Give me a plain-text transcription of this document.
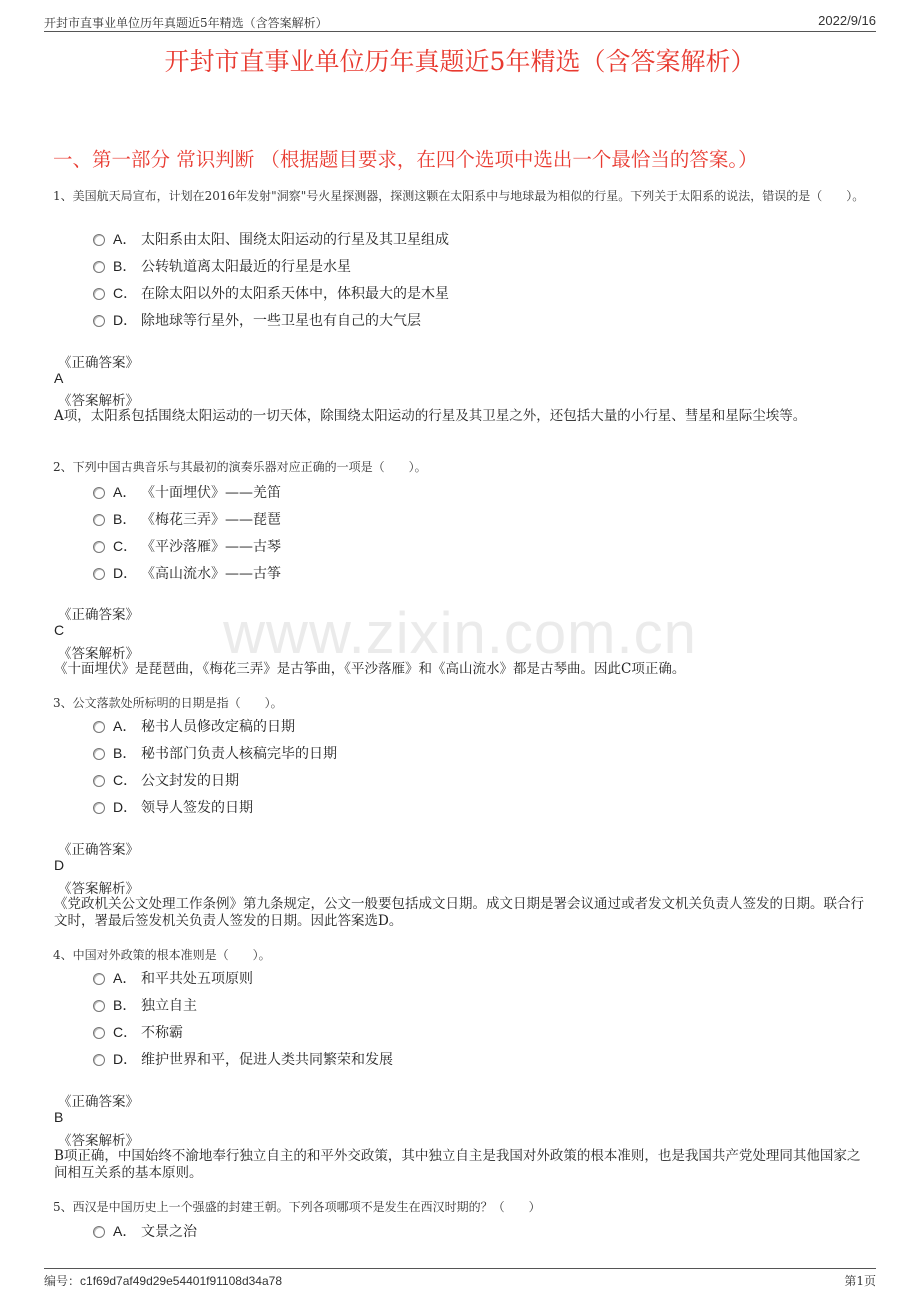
开封市直事业单位历年真题近5年精选（含答案解析）	2022/9/16
开封市直事业单位历年真题近5年精选（含答案解析）
一、第一部分 常识判断 （根据题目要求，在四个选项中选出一个最恰当的答案。）
www.zixin.com.cn
1、美国航天局宣布，计划在2016年发射"洞察"号火星探测器，探测这颗在太阳系中与地球最为相似的行星。下列关于太阳系的说法，错误的是（　　）。
A． 太阳系由太阳、围绕太阳运动的行星及其卫星组成
B． 公转轨道离太阳最近的行星是水星
C． 在除太阳以外的太阳系天体中，体积最大的是木星
D． 除地球等行星外，一些卫星也有自己的大气层
《正确答案》
A
《答案解析》
A项，太阳系包括围绕太阳运动的一切天体，除围绕太阳运动的行星及其卫星之外，还包括大量的小行星、彗星和星际尘埃等。
2、下列中国古典音乐与其最初的演奏乐器对应正确的一项是（　　）。
A． 《十面埋伏》——羌笛
B． 《梅花三弄》——琵琶
C． 《平沙落雁》——古琴
D． 《高山流水》——古筝
《正确答案》
C
《答案解析》
《十面埋伏》是琵琶曲，《梅花三弄》是古筝曲，《平沙落雁》和《高山流水》都是古琴曲。因此C项正确。
3、公文落款处所标明的日期是指（　　）。
A． 秘书人员修改定稿的日期
B． 秘书部门负责人核稿完毕的日期
C． 公文封发的日期
D． 领导人签发的日期
《正确答案》
D
《答案解析》
《党政机关公文处理工作条例》第九条规定，公文一般要包括成文日期。成文日期是署会议通过或者发文机关负责人签发的日期。联合行文时，署最后签发机关负责人签发的日期。因此答案选D。
4、中国对外政策的根本准则是（　　）。
A． 和平共处五项原则
B． 独立自主
C． 不称霸
D． 维护世界和平，促进人类共同繁荣和发展
《正确答案》
B
《答案解析》
B项正确，中国始终不渝地奉行独立自主的和平外交政策，其中独立自主是我国对外政策的根本准则，也是我国共产党处理同其他国家之间相互关系的基本原则。
5、西汉是中国历史上一个强盛的封建王朝。下列各项哪项不是发生在西汉时期的？（　　）
A． 文景之治
编号：c1f69d7af49d29e54401f91108d34a78	第1页
